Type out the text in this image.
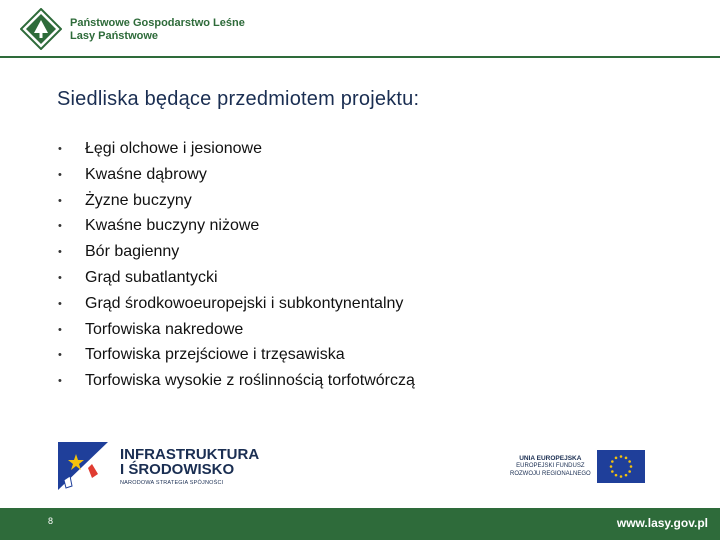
Państwowe Gospodarstwo Leśne
Lasy Państwowe
Siedliska będące przedmiotem projektu:
•	Łęgi olchowe i jesionowe
•	Kwaśne dąbrowy
•	Żyzne buczyny
•	Kwaśne buczyny niżowe
•	Bór bagienny
•	Grąd subatlantycki
•	Grąd środkowoeuropejski i subkontynentalny
•	Torfowiska nakredowe
•	Torfowiska przejściowe i trzęsawiska
•	Torfowiska wysokie z roślinnością torfotwórczą
INFRASTRUKTURA
I ŚRODOWISKO
NARODOWA STRATEGIA SPÓJNOŚCI
UNIA EUROPEJSKA
EUROPEJSKI FUNDUSZ
ROZWOJU REGIONALNEGO
8	www.lasy.gov.pl
